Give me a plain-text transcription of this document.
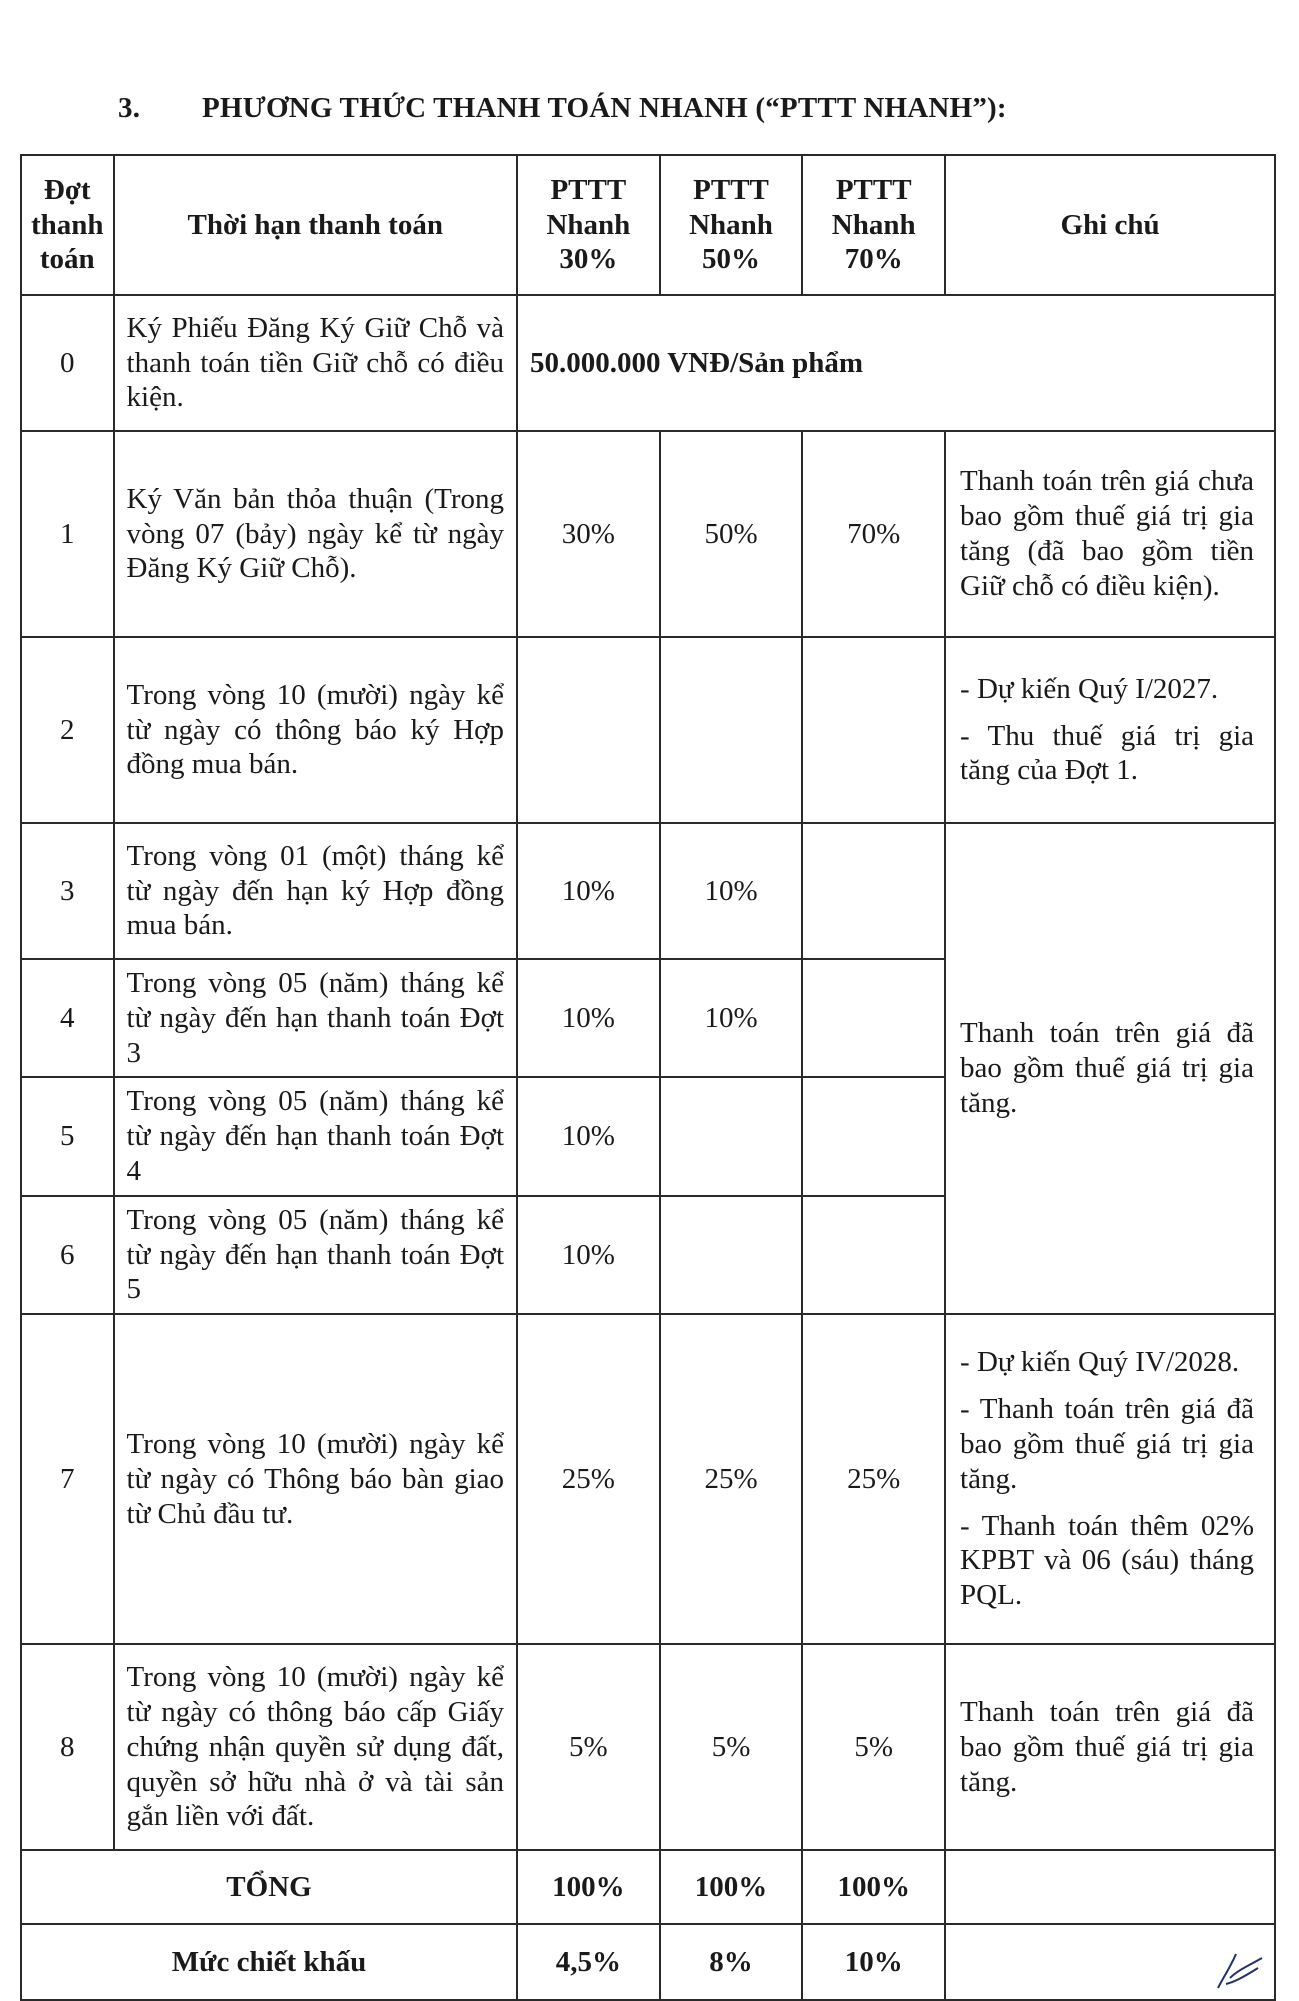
3. PHƯƠNG THỨC THANH TOÁN NHANH (“PTTT NHANH”):
Đợt thanh toán	Thời hạn thanh toán	PTTT Nhanh 30%	PTTT Nhanh 50%	PTTT Nhanh 70%	Ghi chú
0	Ký Phiếu Đăng Ký Giữ Chỗ và thanh toán tiền Giữ chỗ có điều kiện.	50.000.000 VNĐ/Sản phẩm			
1	Ký Văn bản thỏa thuận (Trong vòng 07 (bảy) ngày kể từ ngày Đăng Ký Giữ Chỗ).	30%	50%	70%	Thanh toán trên giá chưa bao gồm thuế giá trị gia tăng (đã bao gồm tiền Giữ chỗ có điều kiện).
2	Trong vòng 10 (mười) ngày kể từ ngày có thông báo ký Hợp đồng mua bán.				- Dự kiến Quý I/2027.

- Thu thuế giá trị gia tăng của Đợt 1.

3	Trong vòng 01 (một) tháng kể từ ngày đến hạn ký Hợp đồng mua bán.	10%	10%		Thanh toán trên giá đã bao gồm thuế giá trị gia tăng.
4	Trong vòng 05 (năm) tháng kể từ ngày đến hạn thanh toán Đợt 3	10%	10%		
5	Trong vòng 05 (năm) tháng kể từ ngày đến hạn thanh toán Đợt 4	10%			
6	Trong vòng 05 (năm) tháng kể từ ngày đến hạn thanh toán Đợt 5	10%			
7	Trong vòng 10 (mười) ngày kể từ ngày có Thông báo bàn giao từ Chủ đầu tư.	25%	25%	25%	- Dự kiến Quý IV/2028.

- Thanh toán trên giá đã bao gồm thuế giá trị gia tăng.

- Thanh toán thêm 02% KPBT và 06 (sáu) tháng PQL.

8	Trong vòng 10 (mười) ngày kể từ ngày có thông báo cấp Giấy chứng nhận quyền sử dụng đất, quyền sở hữu nhà ở và tài sản gắn liền với đất.	5%	5%	5%	Thanh toán trên giá đã bao gồm thuế giá trị gia tăng.
TỔNG		100%	100%	100%	
Mức chiết khấu		4,5%	8%	10%	
